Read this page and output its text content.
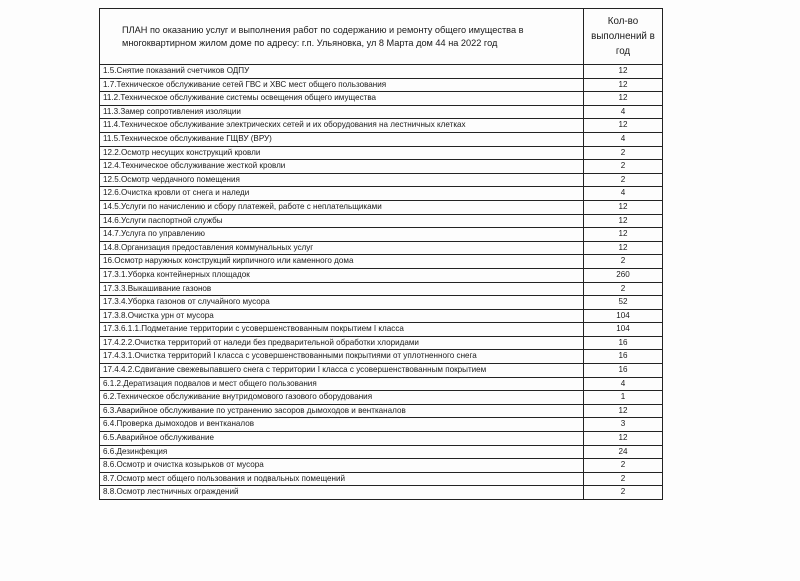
ПЛАН по оказанию услуг и выполнения работ по содержанию и ремонту общего имущества в
многоквартирном жилом доме по адресу: г.п. Ульяновка, ул 8 Марта дом 44 на 2022 год	Кол-во выполнений в год
1.5.Снятие показаний счетчиков ОДПУ	12
1.7.Техническое обслуживание сетей ГВС и ХВС мест общего пользования	12
11.2.Техническое обслуживание системы освещения общего имущества	12
11.3.Замер сопротивления изоляции	4
11.4.Техническое обслуживание электрических сетей и их оборудования на лестничных клетках	12
11.5.Техническое обслуживание ГЩВУ (ВРУ)	4
12.2.Осмотр несущих конструкций кровли	2
12.4.Техническое обслуживание жесткой кровли	2
12.5.Осмотр чердачного помещения	2
12.6.Очистка кровли от снега и наледи	4
14.5.Услуги по начислению и сбору платежей, работе с неплательщиками	12
14.6.Услуги паспортной службы	12
14.7.Услуга по управлению	12
14.8.Организация предоставления коммунальных услуг	12
16.Осмотр наружных конструкций кирпичного или каменного дома	2
17.3.1.Уборка контейнерных площадок	260
17.3.3.Выкашивание газонов	2
17.3.4.Уборка газонов от случайного мусора	52
17.3.8.Очистка урн от мусора	104
17.3.6.1.1.Подметание территории с усовершенствованным покрытием I класса	104
17.4.2.2.Очистка территорий от наледи без предварительной обработки хлоридами	16
17.4.3.1.Очистка территорий I класса с усовершенствованными покрытиями от уплотненного снега	16
17.4.4.2.Сдвигание свежевыпавшего снега с территории I класса с усовершенствованным покрытием	16
6.1.2.Дератизация подвалов и мест общего пользования	4
6.2.Техническое обслуживание внутридомового газового оборудования	1
6.3.Аварийное обслуживание по устранению засоров дымоходов и вентканалов	12
6.4.Проверка дымоходов и вентканалов	3
6.5.Аварийное обслуживание	12
6.6.Дезинфекция	24
8.6.Осмотр и очистка козырьков от мусора	2
8.7.Осмотр мест общего пользования и подвальных помещений	2
8.8.Осмотр лестничных ограждений	2
